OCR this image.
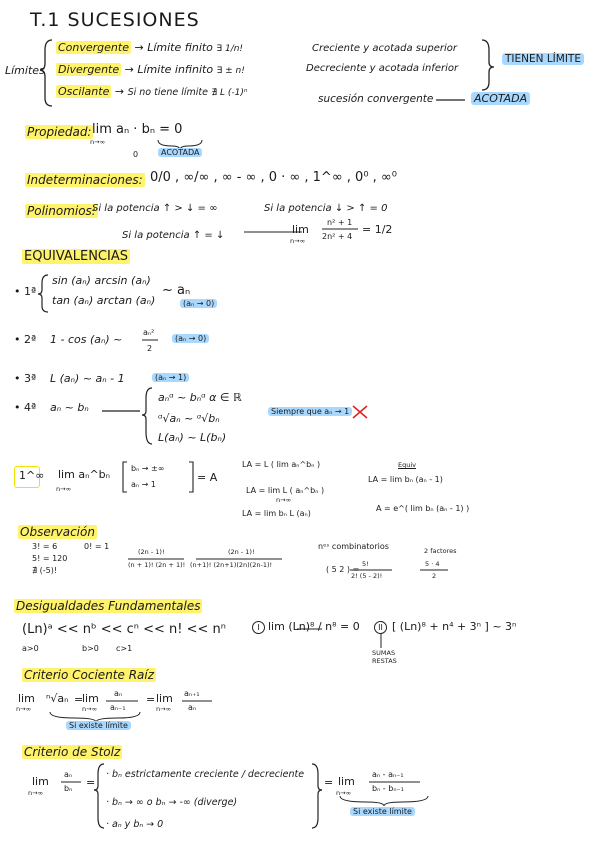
T.1 SUCESIONES
Límites
Convergente → Límite finito ∃ 1/n!
Divergente → Límite infinito ∃ ± n!
Oscilante → Si no tiene límite ∄ L (-1)ⁿ
Creciente y acotada superior
Decreciente y acotada inferior
TIENEN LÍMITE
sucesión convergente	ACOTADA
Propiedad: lim aₙ · bₙ = 0
n→∞
0	ACOTADA
Indeterminaciones: 0/0 , ∞/∞ , ∞ - ∞ , 0 · ∞ , 1^∞ , 0⁰ , ∞⁰
Polinomios:
Si la potencia ↑ > ↓ = ∞	Si la potencia ↓ > ↑ = 0
Si la potencia ↑ = ↓	lim
n→∞
n² + 1
2n² + 4
= 1/2
EQUIVALENCIAS
• 1ª
sin (aₙ) arcsin (aₙ)
tan (aₙ) arctan (aₙ)
~ aₙ
(aₙ → 0)
• 2ª 1 - cos (aₙ) ~
aₙ²
2
(aₙ → 0)
• 3ª L (aₙ) ~ aₙ - 1	(aₙ → 1)
• 4ª aₙ ~ bₙ
aₙᵅ ~ bₙᵅ α ∈ ℝ
ᵅ√aₙ ~ ᵅ√bₙ
L(aₙ) ~ L(bₙ)
Siempre que aₙ → 1
1^∞ lim aₙ^bₙ
n→∞
bₙ → ±∞
aₙ → 1
= A
LA = L ( lim aₙ^bₙ )
LA = lim L ( aₙ^bₙ )
LA = lim bₙ L (aₙ)
n→∞
Equiv
LA = lim bₙ (aₙ - 1)
A = e^( lim bₙ (aₙ - 1) )
Observación
3! = 6
5! = 120
∄ (-5)!
0! = 1
(2n - 1)!
(n + 1)! (2n + 1)!
(2n - 1)!
(n+1)! (2n+1)(2n)(2n-1)!
nᵉˢ combinatorios	2 factores
( 5 2 ) =
5!
2! (5 - 2)!
5 · 4
2
Desigualdades Fundamentales
(Ln)ᵃ << nᵇ << cⁿ << n! << nⁿ
a>0	b>0 c>1
I lim (Ln)⁸ / n⁸ = 0	II [ (Ln)⁸ + n⁴ + 3ⁿ ] ~ 3ⁿ
SUMAS
RESTAS
Criterio Cociente Raíz
lim
n→∞
ⁿ√aₙ =
lim
n→∞
aₙ
aₙ₋₁
= lim
n→∞
aₙ₊₁
aₙ
Si existe límite
Criterio de Stolz
lim
n→∞
aₙ
bₙ =
· bₙ estrictamente creciente / decreciente
· bₙ → ∞ o bₙ → -∞ (diverge)
· aₙ y bₙ → 0
= lim
n→∞
aₙ - aₙ₋₁
bₙ - bₙ₋₁
Si existe límite
